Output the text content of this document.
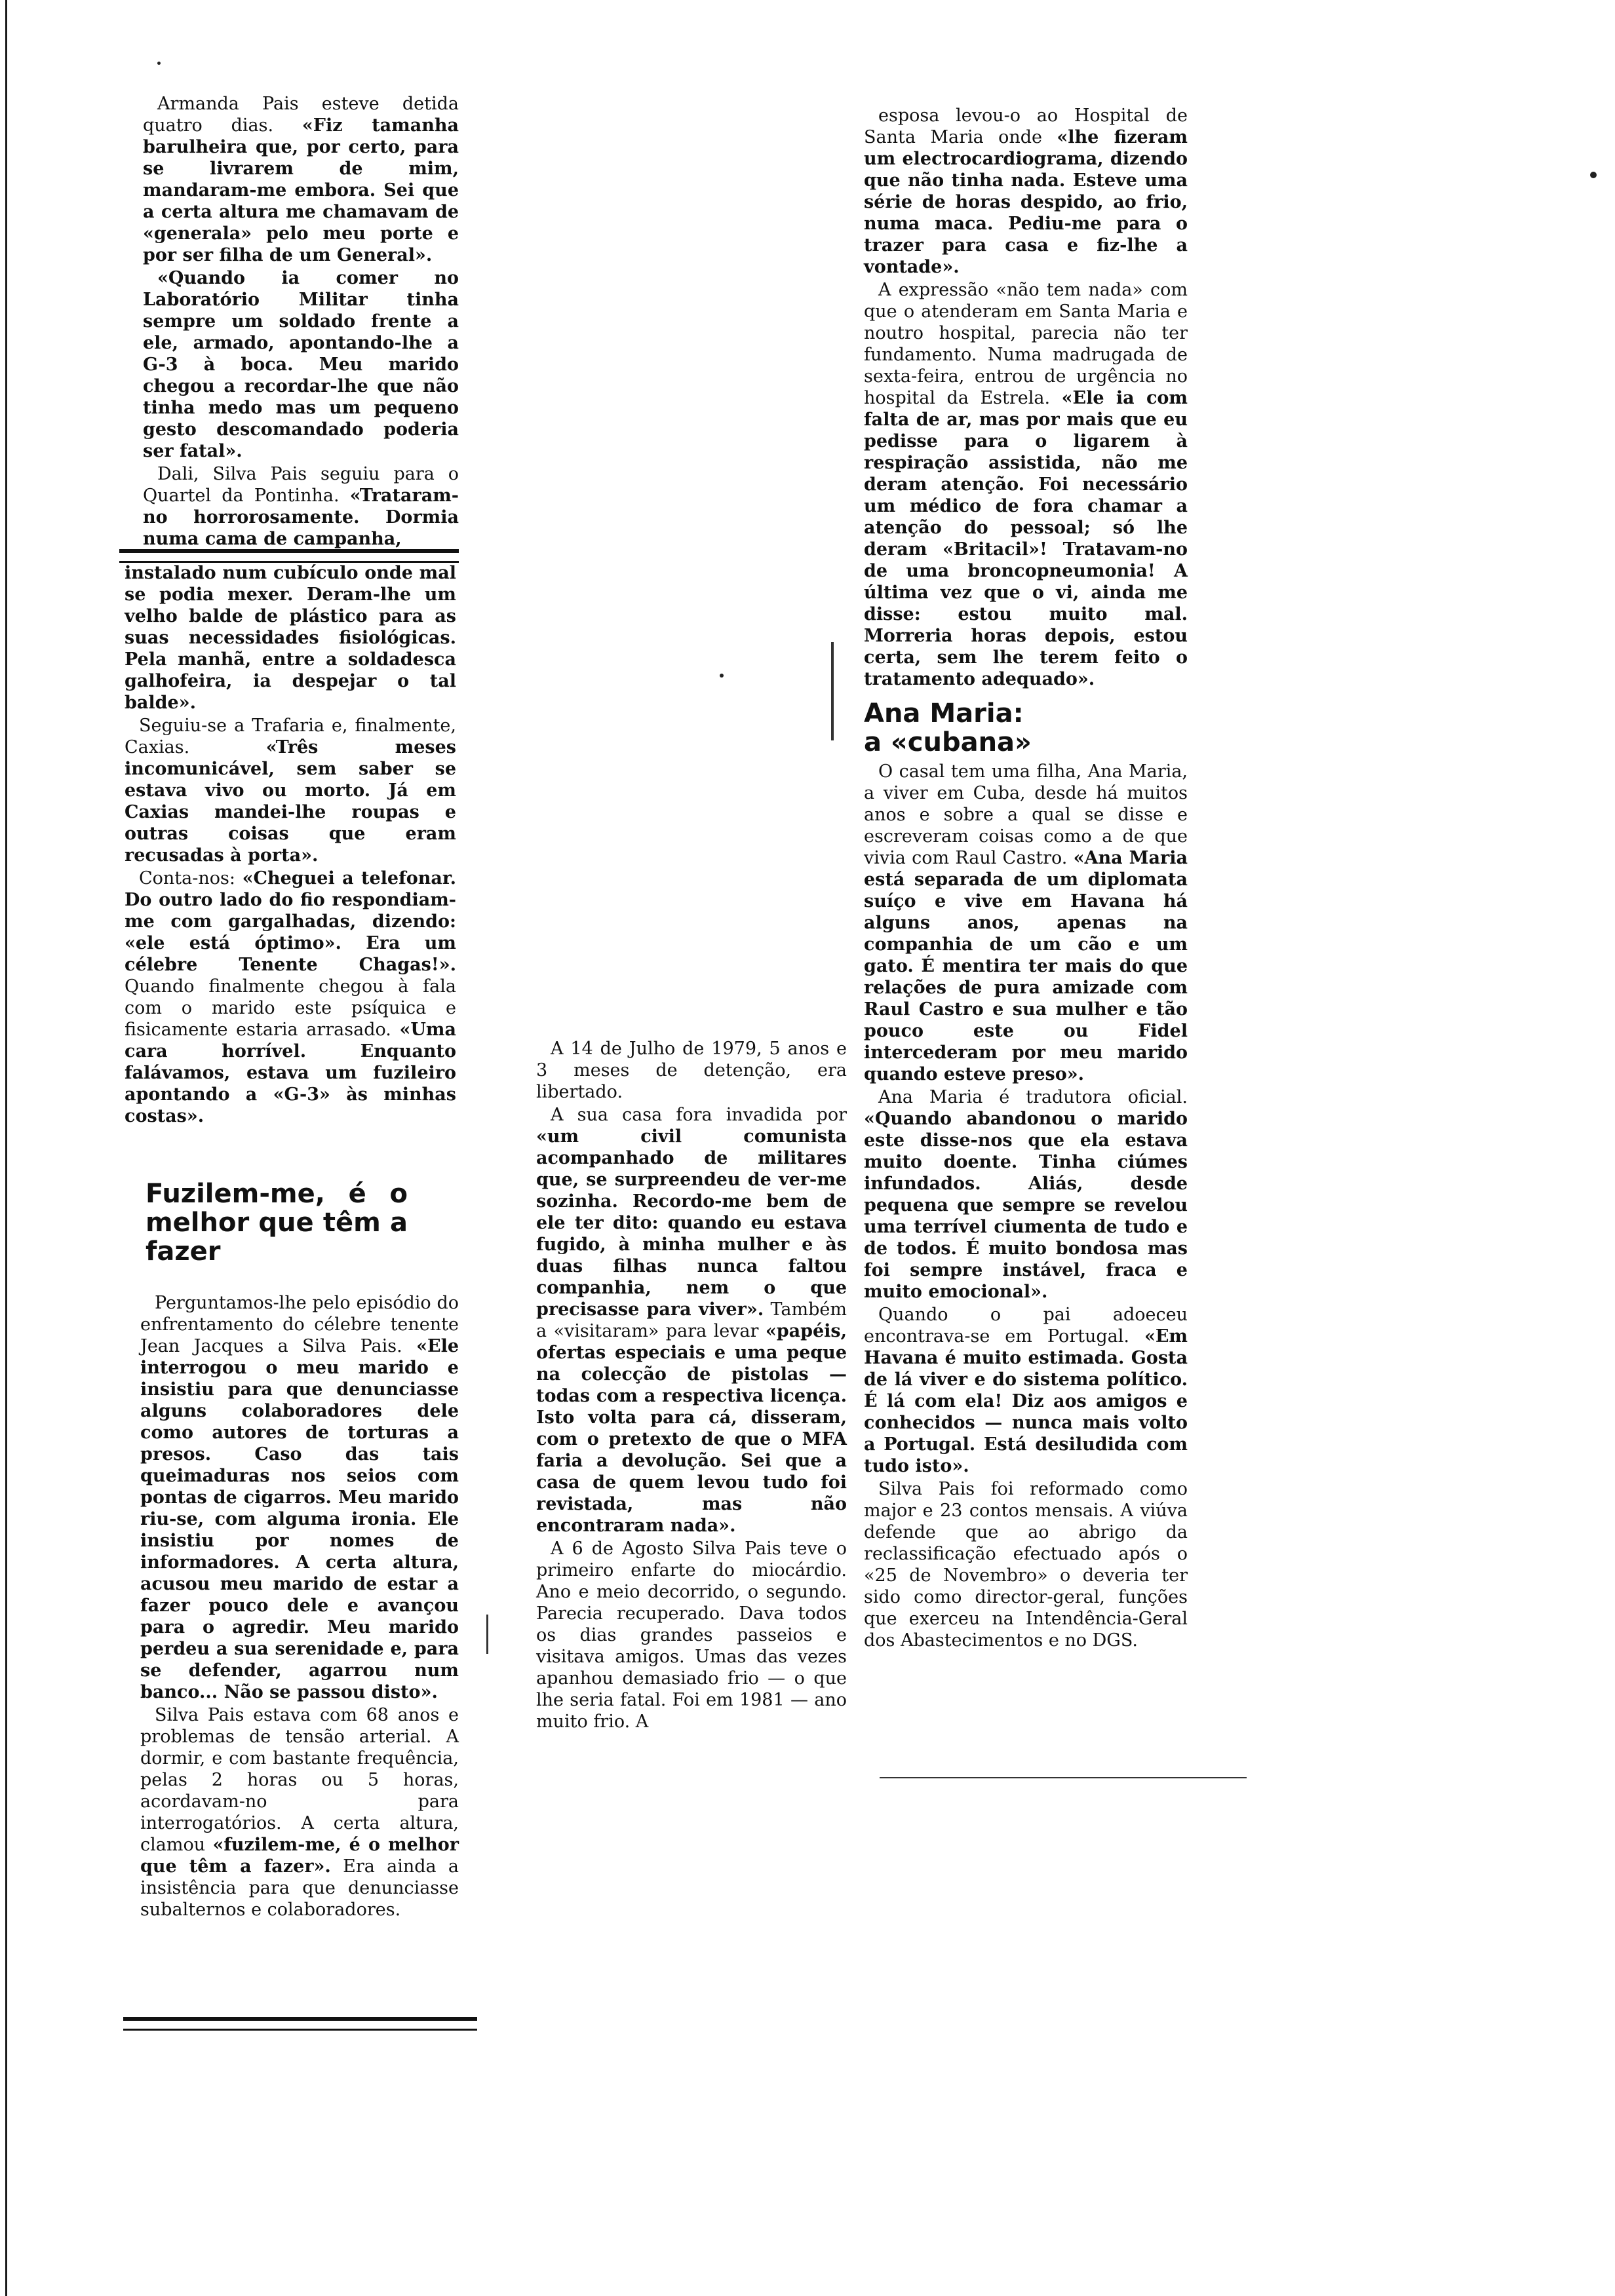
Armanda Pais esteve detida quatro dias. «Fiz tamanha barulheira que, por certo, para se livrarem de mim, mandaram-me embora. Sei que a certa altura me chamavam de «generala» pelo meu porte e por ser filha de um General».

«Quando ia comer no Laboratório Militar tinha sempre um soldado frente a ele, armado, apontando-lhe a G-3 à boca. Meu marido chegou a recordar-lhe que não tinha medo mas um pequeno gesto descomandado poderia ser fatal».

Dali, Silva Pais seguiu para o Quartel da Pontinha. «Trataram-no horrorosamente. Dormia numa cama de campanha,

instalado num cubículo onde mal se podia mexer. Deram-lhe um velho balde de plástico para as suas necessidades fisiológicas. Pela manhã, entre a soldadesca galhofeira, ia despejar o tal balde».

Seguiu-se a Trafaria e, finalmente, Caxias.	«Três meses incomunicável, sem saber se estava vivo ou morto. Já em Caxias mandei-lhe roupas e outras coisas que eram recusadas à porta».

Conta-nos: «Cheguei a telefonar. Do outro lado do fio respondiam-me com gargalhadas, dizendo: «ele está óptimo». Era um célebre Tenente Chagas!». Quando finalmente chegou à fala com o marido este psíquica e fisicamente estaria arrasado. «Uma cara horrível. Enquanto falávamos, estava um fuzileiro apontando a «G-3» às minhas costas».

Fuzilem-me, é o melhor que têm a fazer

Perguntamos-lhe pelo episódio do enfrentamento do célebre tenente Jean Jacques a Silva Pais. «Ele interrogou o meu marido e insistiu para que denunciasse alguns colaboradores dele como autores de torturas a presos. Caso das tais queimaduras nos seios com pontas de cigarros. Meu marido riu-se, com alguma ironia. Ele insistiu por nomes de informadores. A certa altura, acusou meu marido de estar a fazer pouco dele e avançou para o agredir. Meu marido perdeu a sua serenidade e, para se defender, agarrou num banco... Não se passou disto».

Silva Pais estava com 68 anos e problemas de tensão arterial. A dormir, e com bastante frequência, pelas 2 horas ou 5 horas, acordavam-no para interrogatórios. A certa altura, clamou «fuzilem-me, é o melhor que têm a fazer». Era ainda a insistência para que denunciasse subalternos e colaboradores.

A 14 de Julho de 1979, 5 anos e 3 meses de detenção, era libertado.

A sua casa fora invadida por «um civil comunista acompanhado de militares que, se surpreendeu de ver-me sozinha. Recordo-me bem de ele ter dito: quando eu estava fugido, à minha mulher e às duas filhas nunca faltou companhia, nem o que precisasse para viver». Também a «visitaram» para levar «papéis, ofertas especiais e uma peque na colecção de pistolas — todas com a respectiva licença. Isto volta para cá, disseram, com o pretexto de que o MFA faria a devolução. Sei que a casa de quem levou tudo foi revistada, mas não encontraram nada».

A 6 de Agosto Silva Pais teve o primeiro enfarte do miocárdio. Ano e meio decorrido, o segundo. Parecia recuperado. Dava todos os dias grandes passeios e visitava amigos. Umas das vezes apanhou demasiado frio — o que lhe seria fatal. Foi em 1981 — ano muito frio. A

esposa levou-o ao Hospital de Santa Maria onde «lhe fizeram um electrocardiograma, dizendo que não tinha nada. Esteve uma série de horas despido, ao frio, numa maca. Pediu-me para o trazer para casa e fiz-lhe a vontade».

A expressão «não tem nada» com que o atenderam em Santa Maria e noutro hospital, parecia não ter fundamento. Numa madrugada de sexta-feira, entrou de urgência no hospital da Estrela. «Ele ia com falta de ar, mas por mais que eu pedisse para o ligarem à respiração assistida, não me deram atenção. Foi necessário um médico de fora chamar a atenção do pessoal; só lhe deram «Britacil»! Tratavam-no de uma broncopneumonia! A última vez que o vi, ainda me disse: estou muito mal. Morreria horas depois, estou certa, sem lhe terem feito o tratamento adequado».

Ana Maria:
a «cubana»

O casal tem uma filha, Ana Maria, a viver em Cuba, desde há muitos anos e sobre a qual se disse e escreveram coisas como a de que vivia com Raul Castro. «Ana Maria está separada de um diplomata suíço e vive em Havana há alguns anos, apenas na companhia de um cão e um gato. É mentira ter mais do que relações de pura amizade com Raul Castro e sua mulher e tão pouco este ou Fidel intercederam por meu marido quando esteve preso».

Ana Maria é tradutora oficial. «Quando abandonou o marido este disse-nos que ela estava muito doente. Tinha ciúmes infundados. Aliás, desde pequena que sempre se revelou uma terrível ciumenta de tudo e de todos. É muito bondosa mas foi sempre instável, fraca e muito emocional».

Quando o pai adoeceu encontrava-se em Portugal. «Em Havana é muito estimada. Gosta de lá viver e do sistema político. É lá com ela! Diz aos amigos e conhecidos — nunca mais volto a Portugal. Está desiludida com tudo isto».

Silva Pais foi reformado como major e 23 contos mensais. A viúva defende que ao abrigo da reclassificação efectuado após o «25 de Novembro» o deveria ter sido como director-geral, funções que exerceu na Intendência-Geral dos Abastecimentos e no DGS.
